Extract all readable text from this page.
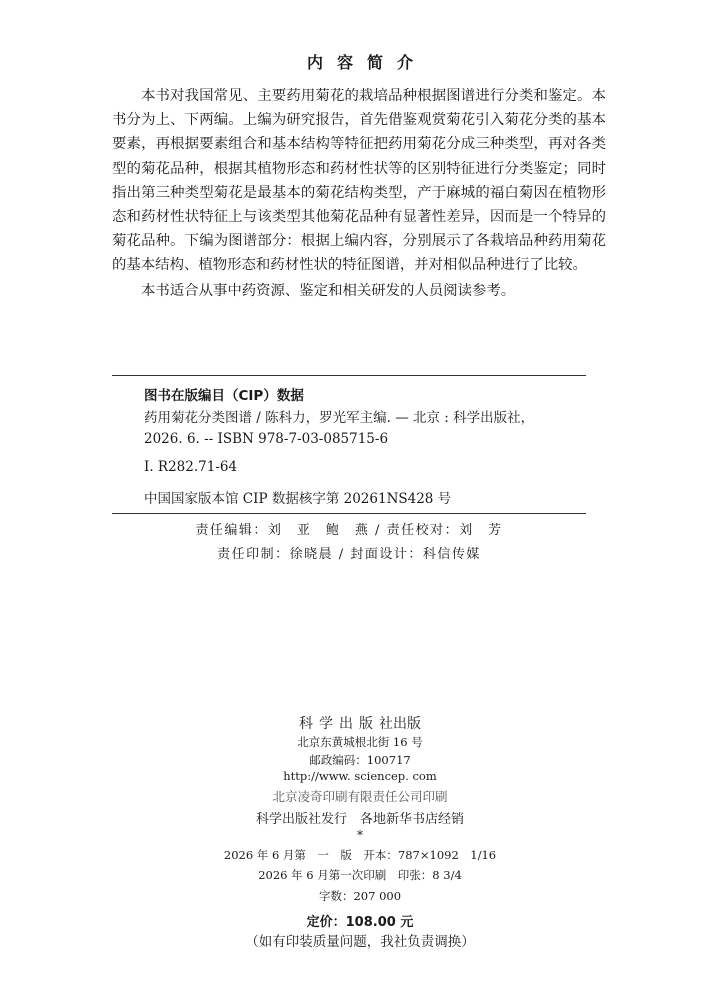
内容简介

本书对我国常见、主要药用菊花的栽培品种根据图谱进行分类和鉴定。本书分为上、下两编。上编为研究报告，首先借鉴观赏菊花引入菊花分类的基本要素，再根据要素组合和基本结构等特征把药用菊花分成三种类型，再对各类型的菊花品种，根据其植物形态和药材性状等的区别特征进行分类鉴定；同时指出第三种类型菊花是最基本的菊花结构类型，产于麻城的福白菊因在植物形态和药材性状特征上与该类型其他菊花品种有显著性差异，因而是一个特异的菊花品种。下编为图谱部分：根据上编内容，分别展示了各栽培品种药用菊花的基本结构、植物形态和药材性状的特征图谱，并对相似品种进行了比较。

本书适合从事中药资源、鉴定和相关研发的人员阅读参考。

图书在版编目（CIP）数据
药用菊花分类图谱 / 陈科力，罗光军主编. — 北京 : 科学出版社，
2026. 6. -- ISBN 978-7-03-085715-6
Ⅰ. R282.71-64
中国国家版本馆 CIP 数据核字第 20261NS428 号
责任编辑：刘　亚　鲍　燕 / 责任校对：刘　芳
责任印制：徐晓晨 / 封面设计：科信传媒
科学出版社出版
北京东黄城根北街 16 号
邮政编码：100717
http://www. sciencep. com
北京凌奇印刷有限责任公司印刷
科学出版社发行　各地新华书店经销
*
2026 年 6 月第　一　版　开本：787×1092　1/16
2026 年 6 月第一次印刷　印张：8 3/4
字数：207 000
定价：108.00 元
（如有印装质量问题，我社负责调换）
